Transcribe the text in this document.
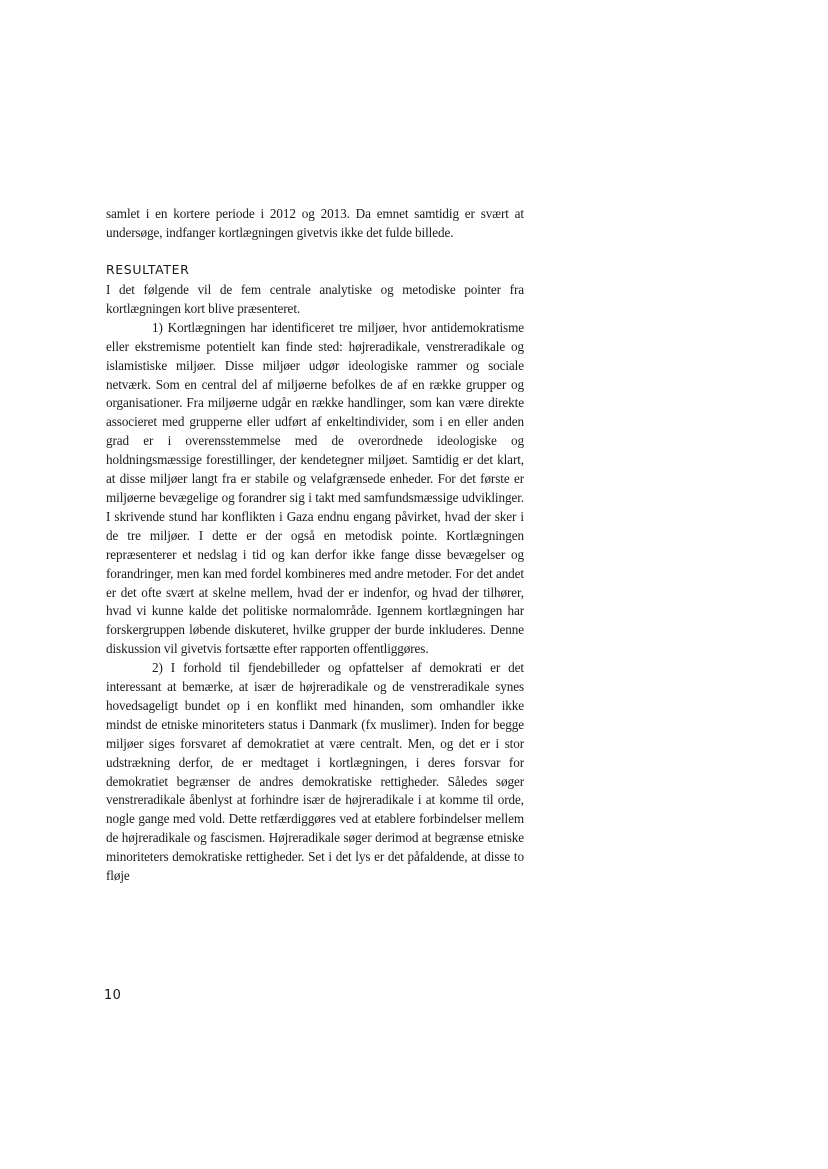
samlet i en kortere periode i 2012 og 2013. Da emnet samtidig er svært at undersøge, indfanger kortlægningen givetvis ikke det fulde billede.
RESULTATER

I det følgende vil de fem centrale analytiske og metodiske pointer fra kortlægningen kort blive præsenteret.

1) Kortlægningen har identificeret tre miljøer, hvor antidemokratisme eller ekstremisme potentielt kan finde sted: højreradikale, venstreradikale og islamistiske miljøer. Disse miljøer udgør ideologiske rammer og sociale netværk. Som en central del af miljøerne befolkes de af en række grupper og organisationer. Fra miljøerne udgår en række handlinger, som kan være direkte associeret med grupperne eller udført af enkeltindivider, som i en eller anden grad er i overensstemmelse med de overordnede ideologiske og holdningsmæssige forestillinger, der kendetegner miljøet. Samtidig er det klart, at disse miljøer langt fra er stabile og velafgrænsede enheder. For det første er miljøerne bevægelige og forandrer sig i takt med samfundsmæssige udviklinger. I skrivende stund har konflikten i Gaza endnu engang påvirket, hvad der sker i de tre miljøer. I dette er der også en metodisk pointe. Kortlægningen repræsenterer et nedslag i tid og kan derfor ikke fange disse bevægelser og forandringer, men kan med fordel kombineres med andre metoder. For det andet er det ofte svært at skelne mellem, hvad der er indenfor, og hvad der tilhører, hvad vi kunne kalde det politiske normalområde. Igennem kortlægningen har forskergruppen løbende diskuteret, hvilke grupper der burde inkluderes. Denne diskussion vil givetvis fortsætte efter rapporten offentliggøres.

2) I forhold til fjendebilleder og opfattelser af demokrati er det interessant at bemærke, at især de højreradikale og de venstreradikale synes hovedsageligt bundet op i en konflikt med hinanden, som omhandler ikke mindst de etniske minoriteters status i Danmark (fx muslimer). Inden for begge miljøer siges forsvaret af demokratiet at være centralt. Men, og det er i stor udstrækning derfor, de er medtaget i kortlægningen, i deres forsvar for demokratiet begrænser de andres demokratiske rettigheder. Således søger venstreradikale åbenlyst at forhindre især de højreradikale i at komme til orde, nogle gange med vold. Dette retfærdiggøres ved at etablere forbindelser mellem de højreradikale og fascismen. Højreradikale søger derimod at begrænse etniske minoriteters demokratiske rettigheder. Set i det lys er det påfaldende, at disse to fløje

10
